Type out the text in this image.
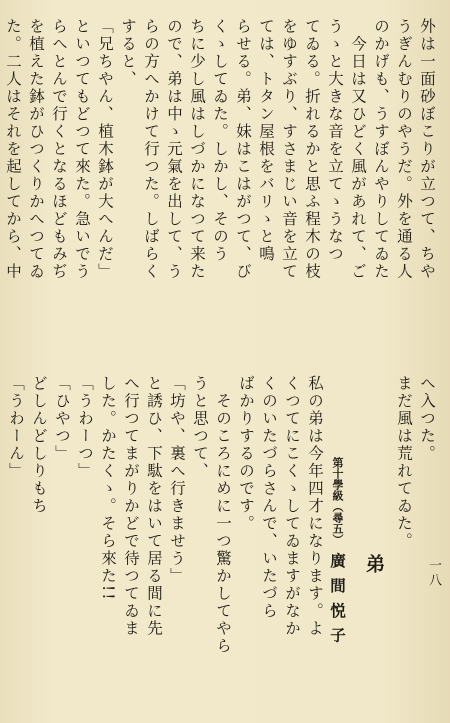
外は一面砂ぼこりが立つて、ちや
うぎんむりのやうだ。外を通る人
のかげも、うすぼんやりしてゐた
　今日は又ひどく風があれて、ご
うゝと大きな音を立てゝうなつ
てゐる。折れるかと思ふ程木の枝
をゆすぶり、すさまじい音を立て
ては、トタン屋根をバリゝと鳴
らせる。弟、妹はこはがつて、び
くゝしてゐた。しかし、そのう
ちに少し風はしづかになつて来た
ので、弟は中ゝ元氣を出して、う
らの方へかけて行つた。しばらく
すると、
「兄ちやん、植木鉢が大へんだ」
といつてもどつて來た。急いでう
らへとんで行くとなるほどもみぢ
を植えた鉢がひつくりかへつてゐ
た。二人はそれを起してから、中
へ入つた。
まだ風は荒れてゐた。
弟
第十學級（尋五） 廣 間 悦 子
私の弟は今年四才になります。よ
くつてにこくゝしてゐますがなか
くのいたづらさんで、いたづら
ばかりするのです。
　そのころにめに一つ驚かしてやら
うと思つて、
「坊や、裏へ行きませう」
と誘ひ、下駄をはいて居る間に先
へ行つてまがりかどで待つてゐま
した。かたくゝ。そら來た!!
「うわーつ」
「ひやつ」
どしんどしりもち
「うわーん」
一八
